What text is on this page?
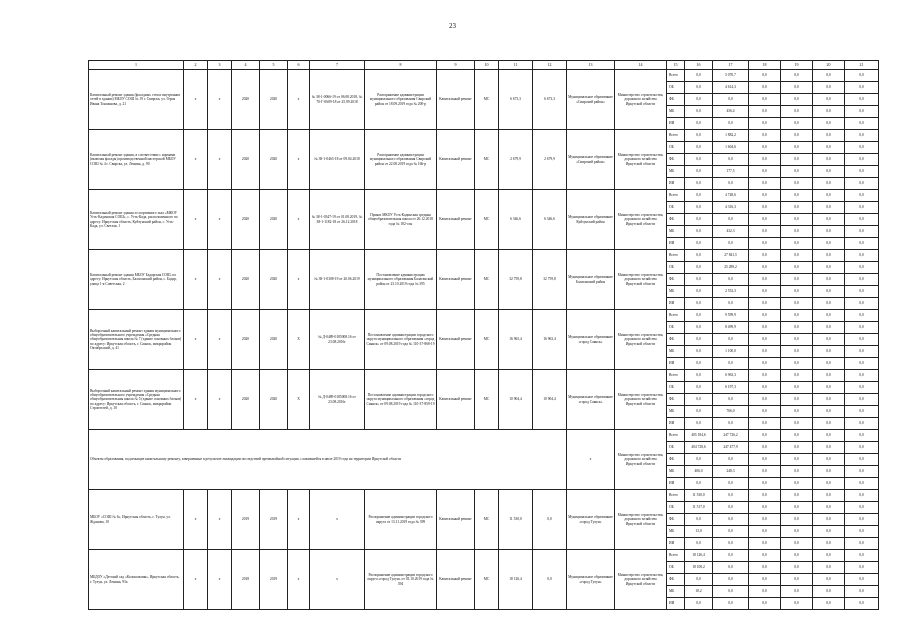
23
1	2	3	4	5	6	7	8	9	10	11	12	13	14	15	16	17	18	19	20	21
Капитальный ремонт здания (фасадных стен и внутренних сетей в здании) МБОУ СОШ № 19 г. Свирска, ул. Героя Ивана Тоножнова, д. 21	х	х	2020	2020	х	№ 38-1-0066-19 от 06.08.2018, № 70-Г-0609-18 от 25.09.2018	Распоряжение администрации муниципального образования Свирский район от 18.09.2019 года № 200-р	Капитальный ремонт	МС	6 673,3	6 673,3	Муниципальное образование «Свирский район»	Министерство строительства, дорожного хозяйства Иркутской области	Всего	0,0	5 070,7	0,0	0,0	0,0	0,0
														ОБ	0,0	4 614,3	0,0	0,0	0,0	0,0
														ФБ	0,0	0,0	0,0	0,0	0,0	0,0
														МБ	0,0	456,4	0,0	0,0	0,0	0,0
														ИИ	0,0	0,0	0,0	0,0	0,0	0,0
Капитальный ремонт здания, в соответствии с нормами (включая фасады) производственной мастерской МБОУ СОШ № 4 г. Свирска, ул. Ленина, д. 90	х	х	2020	2020	х	№ 38-1-0463-18 от 09.04.2018	Распоряжение администрации муниципального образования Свирский район от 22.08.2019 года № 166-р	Капитальный ремонт	МС	2 679,9	2 679,9	Муниципальное образование «Свирский район»	Министерство строительства, дорожного хозяйства Иркутской области	Всего	0,0	1 882,2	0,0	0,0	0,0	0,0
														ОБ	0,0	1 604,6	0,0	0,0	0,0	0,0
														ФБ	0,0	0,0	0,0	0,0	0,0	0,0
														МБ	0,0	177,5	0,0	0,0	0,0	0,0
														ИИ	0,0	0,0	0,0	0,0	0,0	0,0
Капитальный ремонт здания и спортивного зала «МКОУ Усть-Кадинская СОШ», с. Усть-Када, расположенного по адресу: Иркутская область, Куйтунский район, с. Усть-Када, ул. Светлая, 1	х	х	2020	2020	х	№ 38-1-0347-19 от 01.08.2019, № 38-1-1182-18 от 26.12.2018	Приказ МКОУ Усть-Кадинская средняя общеобразовательная школа от 26.12.2018 года № 182-осн	Капитальный ремонт	МС	6 346,6	6 346,6	Муниципальное образование Куйтунский район	Министерство строительства, дорожного хозяйства Иркутской области	Всего	0,0	4 748,6	0,0	0,0	0,0	0,0
														ОБ	0,0	4 316,3	0,0	0,0	0,0	0,0
														ФБ	0,0	0,0	0,0	0,0	0,0	0,0
														МБ	0,0	432,3	0,0	0,0	0,0	0,0
														ИИ	0,0	0,0	0,0	0,0	0,0	0,0
Капитальный ремонт здания МБОУ Бадарская СОШ, по адресу: Иркутская область, Балаганский район, с. Бадар, улица 1-я Советская, 2	х	х	2020	2020	х	№ 38-1-0308-19 от 20.06.2019	Постановление администрации муниципального образования Балаганский район от 23.10.2019 года № 395	Капитальный ремонт	МС	32 759,8	32 759,8	Муниципальное образование Балаганский район	Министерство строительства, дорожного хозяйства Иркутской области	Всего	0,0	27 841,5	0,0	0,0	0,0	0,0
														ОБ	0,0	25 289,2	0,0	0,0	0,0	0,0
														ФБ	0,0	0,0	0,0	0,0	0,0	0,0
														МБ	0,0	2 552,3	0,0	0,0	0,0	0,0
														ИИ	0,0	0,0	0,0	0,0	0,0	0,0
Выборочный капитальный ремонт здания муниципального общеобразовательного учреждения «Средняя общеобразовательная школа № 7 (здание основных блоков) по адресу: Иркутская область, г. Саянск, микрорайон Октябрьский, д. 41	х	х	2020	2020	Х	№ Д-0489-0185008.16 от 23.08.2016г	Постановление администрации городского округа муниципального образования «город Саянск» от 09.08.2019 года № 110-37-868-19	Капитальный ремонт	МС	16 963,4	16 963,4	Муниципальное образование «город Саянск»	Министерство строительства, дорожного хозяйства Иркутской области	Всего	0,0	9 599,9	0,0	0,0	0,0	0,0
														ОБ	0,0	8 499,9	0,0	0,0	0,0	0,0
														ФБ	0,0	0,0	0,0	0,0	0,0	0,0
														МБ	0,0	1 100,0	0,0	0,0	0,0	0,0
														ИИ	0,0	0,0	0,0	0,0	0,0	0,0
Выборочный капитальный ремонт здания муниципального общеобразовательного учреждения «Средняя общеобразовательная школа № 5 (здание основных блоков) по адресу: Иркутская область, г. Саянск, микрорайон Строителей, д. 10	х	х	2020	2020	Х	№ Д-0489-0185008.16 от 23.08.2016г	Постановление администрации городского округа муниципального образования «город Саянск» от 09.08.2019 года № 110-37-859-19	Капитальный ремонт	МС	10 904,4	10 904,4	Муниципальное образование «город Саянск»	Министерство строительства, дорожного хозяйства Иркутской области	Всего	0,0	6 963,3	0,0	0,0	0,0	0,0
														ОБ	0,0	6 197,3	0,0	0,0	0,0	0,0
														ФБ	0,0	0,0	0,0	0,0	0,0	0,0
														МБ	0,0	766,0	0,0	0,0	0,0	0,0
														ИИ	0,0	0,0	0,0	0,0	0,0	0,0
Объекты образования, подлежащие капитальному ремонту, завершенные в результате ликвидации последствий чрезвычайной ситуации, сложившейся в июле 2019 года на территории Иркутской области												х	Министерство строительства, дорожного хозяйства Иркутской области	Всего	405 184,6	247 726,2	0,0	0,0	0,0	0,0
														ОБ	404 728,6	247 477,9	0,0	0,0	0,0	0,0
														ФБ	0,0	0,0	0,0	0,0	0,0	0,0
														МБ	406,0	248,3	0,0	0,0	0,0	0,0
														ИИ	0,0	0,0	0,0	0,0	0,0	0,0
МБОУ «СОШ № 6», Иркутская область, г. Тулун, ул. Жданова, 10	х	х	2019	2019	х	х	Распоряжение администрации городского округа от 13.11.2019 года № 399	Капитальный ремонт	МС	11 530,0	0,0	Муниципальное образование «город Тулун»	Министерство строительства, дорожного хозяйства Иркутской области	Всего	11 530,0	0,0	0,0	0,0	0,0	0,0
														ОБ	11 517,0	0,0	0,0	0,0	0,0	0,0
														ФБ	0,0	0,0	0,0	0,0	0,0	0,0
														МБ	13,0	0,0	0,0	0,0	0,0	0,0
														ИИ	0,0	0,0	0,0	0,0	0,0	0,0
МБДОУ «Детский сад «Колокольчик», Иркутская область, г. Тулун, ул. Ленина, 93а	х	х	2018	2019	х	х	Распоряжение администрации городского округа «город Тулун» от 03.10.2019 года № 394	Капитальный ремонт	МС	18 126,4	0,0	Муниципальное образование «город Тулун»	Министерство строительства, дорожного хозяйства Иркутской области	Всего	18 126,4	0,0	0,0	0,0	0,0	0,0
														ОБ	18 108,2	0,0	0,0	0,0	0,0	0,0
														ФБ	0,0	0,0	0,0	0,0	0,0	0,0
														МБ	18,2	0,0	0,0	0,0	0,0	0,0
														ИИ	0,0	0,0	0,0	0,0	0,0	0,0
